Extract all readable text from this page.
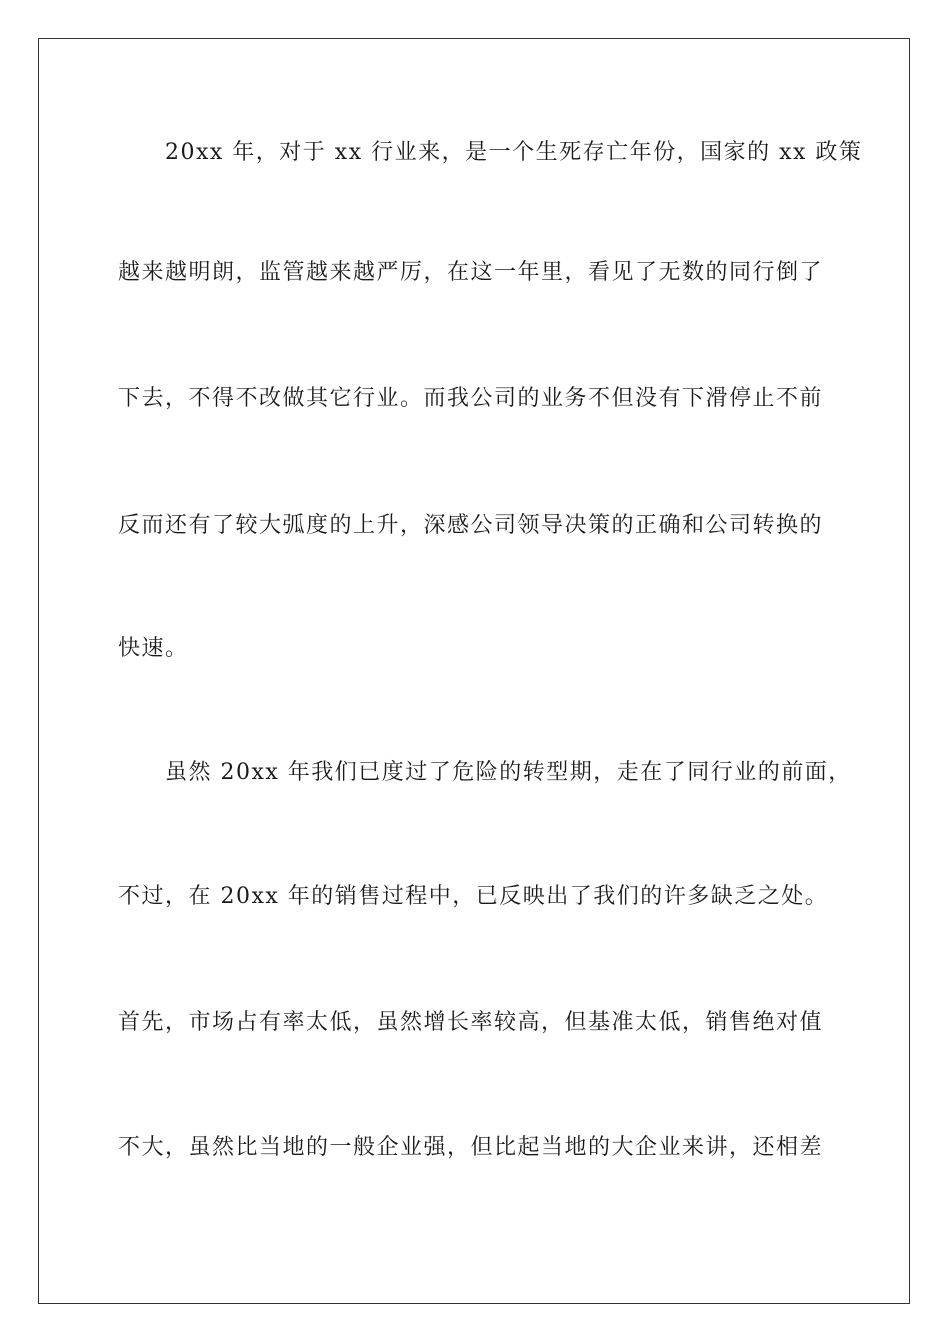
　　20xx 年，对于 xx 行业来，是一个生死存亡年份，国家的 xx 政策
越来越明朗，监管越来越严厉，在这一年里，看见了无数的同行倒了
下去，不得不改做其它行业。而我公司的业务不但没有下滑停止不前
反而还有了较大弧度的上升，深感公司领导决策的正确和公司转换的
快速。
　　虽然 20xx 年我们已度过了危险的转型期，走在了同行业的前面，
不过，在 20xx 年的销售过程中，已反映出了我们的许多缺乏之处。
首先，市场占有率太低，虽然增长率较高，但基准太低，销售绝对值
不大，虽然比当地的一般企业强，但比起当地的大企业来讲，还相差
